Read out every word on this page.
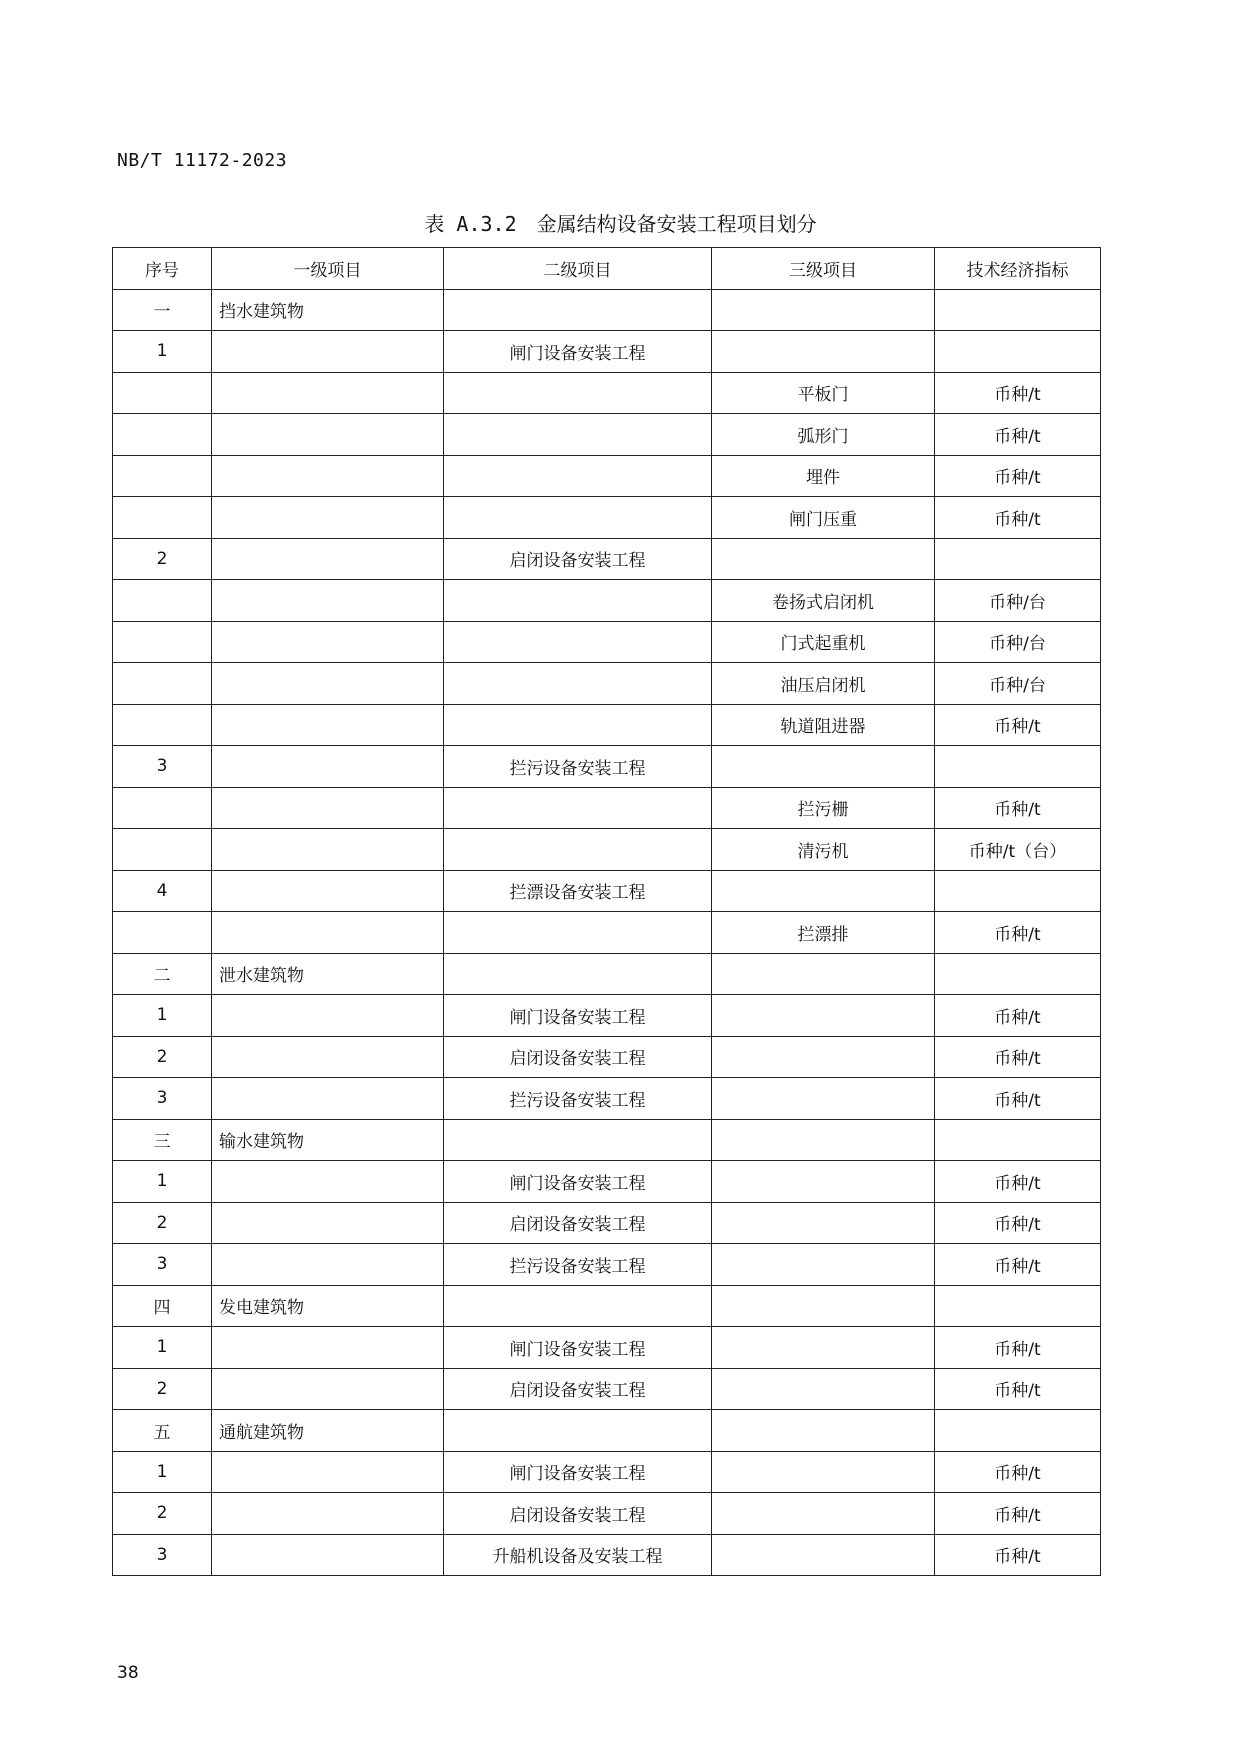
NB/T 11172-2023
表 A.3.2 金属结构设备安装工程项目划分
序号	一级项目	二级项目	三级项目	技术经济指标
一	挡水建筑物			
1		闸门设备安装工程		
			平板门	币种/t
			弧形门	币种/t
			埋件	币种/t
			闸门压重	币种/t
2		启闭设备安装工程		
			卷扬式启闭机	币种/台
			门式起重机	币种/台
			油压启闭机	币种/台
			轨道阻进器	币种/t
3		拦污设备安装工程		
			拦污栅	币种/t
			清污机	币种/t（台）
4		拦漂设备安装工程		
			拦漂排	币种/t
二	泄水建筑物			
1		闸门设备安装工程		币种/t
2		启闭设备安装工程		币种/t
3		拦污设备安装工程		币种/t
三	输水建筑物			
1		闸门设备安装工程		币种/t
2		启闭设备安装工程		币种/t
3		拦污设备安装工程		币种/t
四	发电建筑物			
1		闸门设备安装工程		币种/t
2		启闭设备安装工程		币种/t
五	通航建筑物			
1		闸门设备安装工程		币种/t
2		启闭设备安装工程		币种/t
3		升船机设备及安装工程		币种/t
38
